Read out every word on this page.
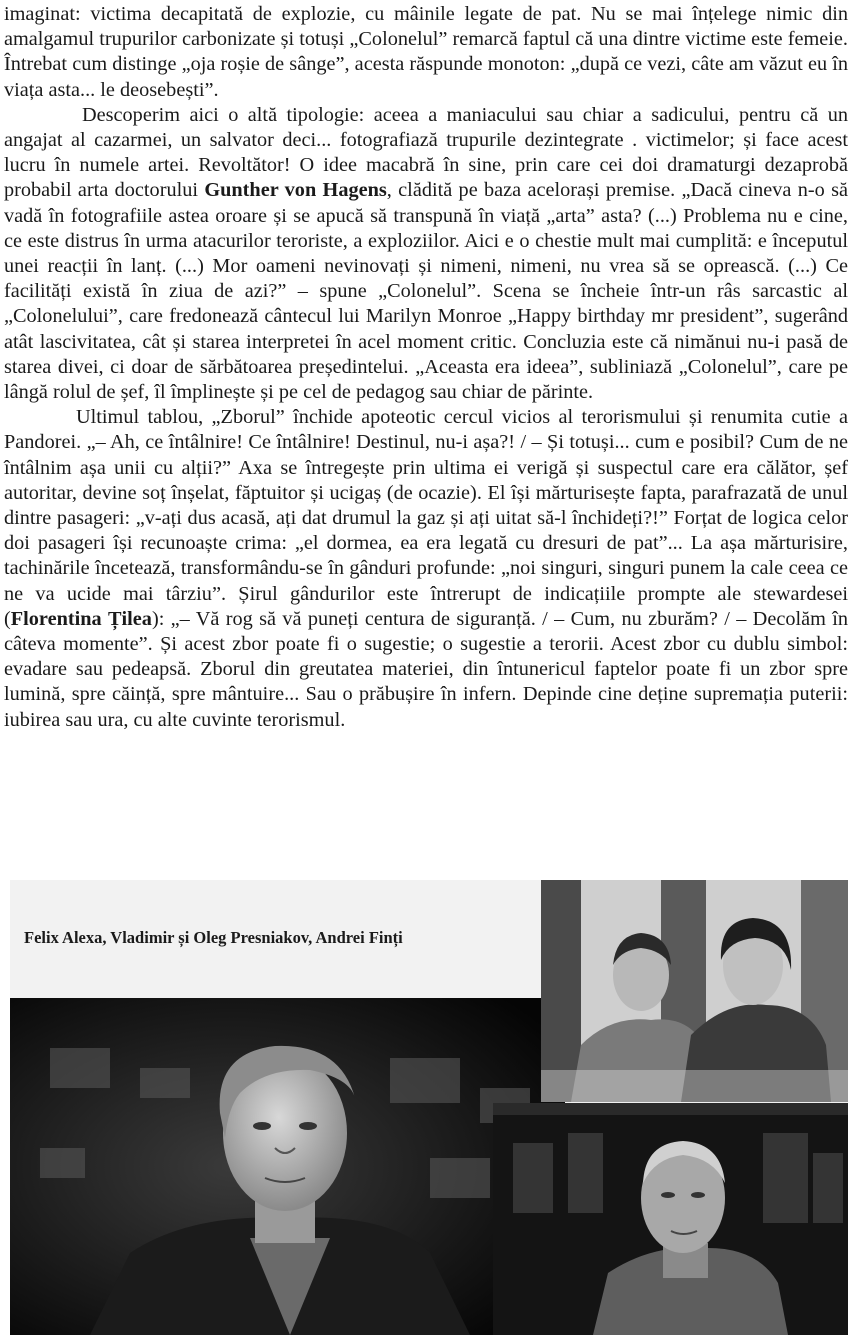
imaginat: victima decapitată de explozie, cu mâinile legate de pat. Nu se mai înțelege nimic din amalgamul trupurilor carbonizate și totuși „Colonelul” remarcă faptul că una dintre victime este femeie. Întrebat cum distinge „oja roșie de sânge”, acesta răspunde monoton: „după ce vezi, câte am văzut eu în viața asta... le deosebești”.

Descoperim aici o altă tipologie: aceea a maniacului sau chiar a sadicului, pentru că un angajat al cazarmei, un salvator deci... fotografiază trupurile dezintegrate . victimelor; și face acest lucru în numele artei. Revoltător! O idee macabră în sine, prin care cei doi dramaturgi dezaprobă probabil arta doctorului Gunther von Hagens, clădită pe baza acelorași premise. „Dacă cineva n-o să vadă în fotografiile astea oroare și se apucă să transpună în viață „arta” asta? (...) Problema nu e cine, ce este distrus în urma atacurilor teroriste, a exploziilor. Aici e o chestie mult mai cumplită: e începutul unei reacții în lanț. (...) Mor oameni nevinovați și nimeni, nimeni, nu vrea să se oprească. (...) Ce facilități există în ziua de azi?” – spune „Colonelul”. Scena se încheie într-un râs sarcastic al „Colonelului”, care fredonează cântecul lui Marilyn Monroe „Happy birthday mr president”, sugerând atât lascivitatea, cât și starea interpretei în acel moment critic. Concluzia este că nimănui nu-i pasă de starea divei, ci doar de sărbătoarea președintelui. „Aceasta era ideea”, subliniază „Colonelul”, care pe lângă rolul de șef, îl împlinește și pe cel de pedagog sau chiar de părinte.

Ultimul tablou, „Zborul” închide apoteotic cercul vicios al terorismului și renumita cutie a Pandorei. „– Ah, ce întâlnire! Ce întâlnire! Destinul, nu-i așa?! / – Și totuși... cum e posibil? Cum de ne întâlnim așa unii cu alții?” Axa se întregește prin ultima ei verigă și suspectul care era călător, șef autoritar, devine soț înșelat, făptuitor și ucigaș (de ocazie). El își mărturisește fapta, parafrazată de unul dintre pasageri: „v-ați dus acasă, ați dat drumul la gaz și ați uitat să-l închideți?!” Forțat de logica celor doi pasageri își recunoaște crima: „el dormea, ea era legată cu dresuri de pat”... La așa mărturisire, tachinările încetează, transformându-se în gânduri profunde: „noi singuri, singuri punem la cale ceea ce ne va ucide mai târziu”. Șirul gândurilor este întrerupt de indicațiile prompte ale stewardesei (Florentina Țilea): „– Vă rog să vă puneți centura de siguranță. / – Cum, nu zburăm? / – Decolăm în câteva momente”. Și acest zbor poate fi o sugestie; o sugestie a terorii. Acest zbor cu dublu simbol: evadare sau pedeapsă. Zborul din greutatea materiei, din întunericul faptelor poate fi un zbor spre lumină, spre căință, spre mântuire... Sau o prăbușire în infern. Depinde cine deține supremația puterii: iubirea sau ura, cu alte cuvinte terorismul.

Felix Alexa, Vladimir și Oleg Presniakov, Andrei Finți
